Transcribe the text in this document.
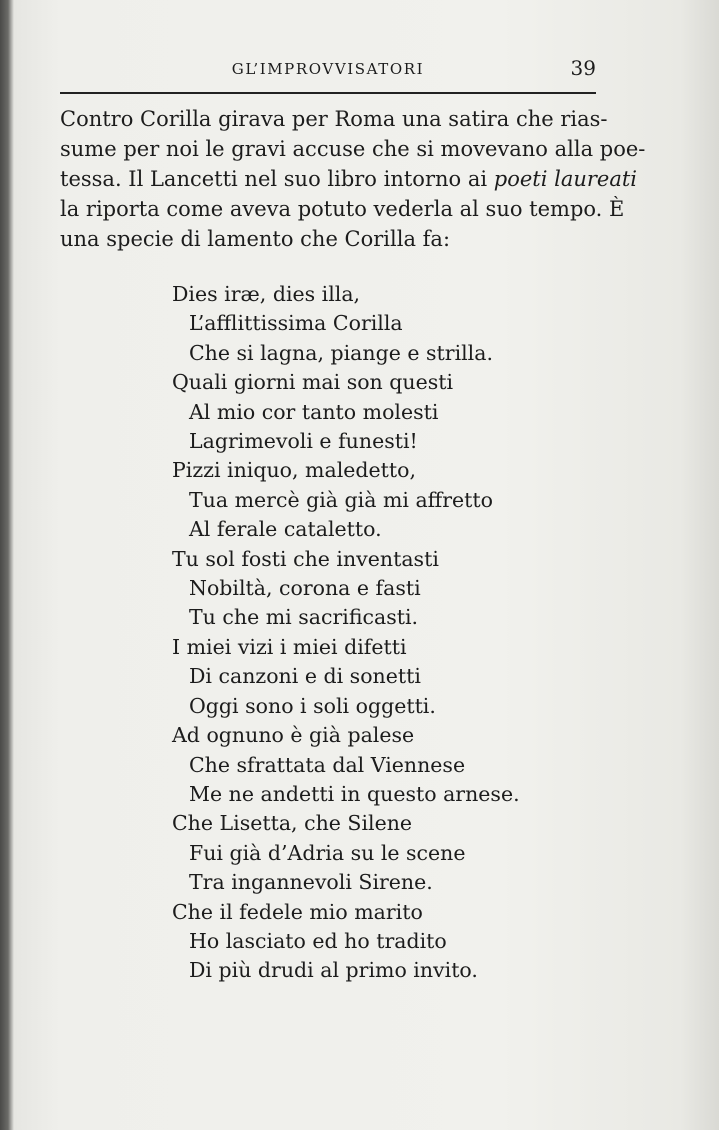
GL’IMPROVVISATORI	39
Contro Corilla girava per Roma una satira che rias-
sume per noi le gravi accuse che si movevano alla poe-
tessa. Il Lancetti nel suo libro intorno ai poeti laureati
la riporta come aveva potuto vederla al suo tempo. È
una specie di lamento che Corilla fa:
Dies iræ, dies illa,
L’afflittissima Corilla
Che si lagna, piange e strilla.
Quali giorni mai son questi
Al mio cor tanto molesti
Lagrimevoli e funesti!
Pizzi iniquo, maledetto,
Tua mercè già già mi affretto
Al ferale cataletto.
Tu sol fosti che inventasti
Nobiltà, corona e fasti
Tu che mi sacrificasti.
I miei vizi i miei difetti
Di canzoni e di sonetti
Oggi sono i soli oggetti.
Ad ognuno è già palese
Che sfrattata dal Viennese
Me ne andetti in questo arnese.
Che Lisetta, che Silene
Fui già d’Adria su le scene
Tra ingannevoli Sirene.
Che il fedele mio marito
Ho lasciato ed ho tradito
Di più drudi al primo invito.
